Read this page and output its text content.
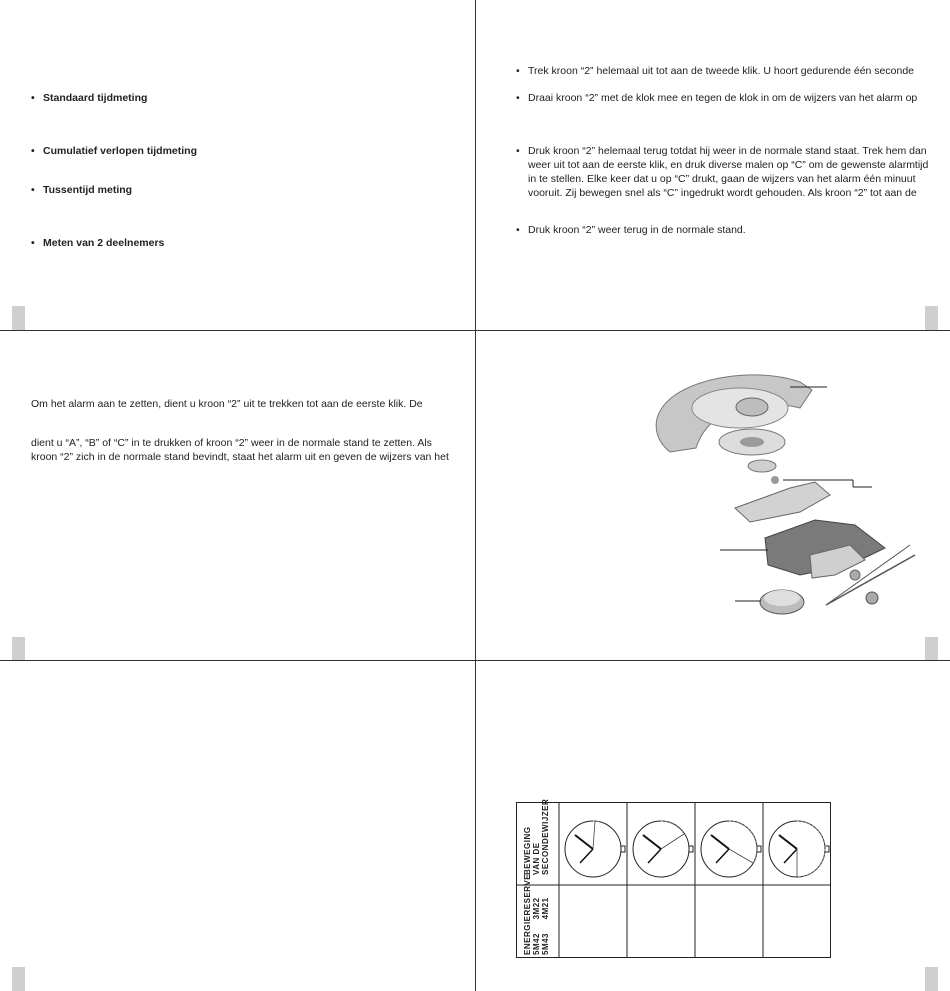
• Standaard tijdmeting
• Cumulatief verlopen tijdmeting
• Tussentijd meting
• Meten van 2 deelnemers
• Trek kroon “2” helemaal uit tot aan de tweede klik. U hoort gedurende één seconde
• Draai kroon “2” met de klok mee en tegen de klok in om de wijzers van het alarm op
• Druk kroon “2” helemaal terug totdat hij weer in de normale stand staat. Trek hem dan
weer uit tot aan de eerste klik, en druk diverse malen op “C” om de gewenste alarmtijd
in te stellen. Elke keer dat u op “C” drukt, gaan de wijzers van het alarm één minuut
vooruit. Zij bewegen snel als “C” ingedrukt wordt gehouden. Als kroon “2” tot aan de
• Druk kroon “2” weer terug in de normale stand.
Om het alarm aan te zetten, dient u kroon “2” uit te trekken tot aan de eerste klik. De
dient u “A”, “B” of “C” in te drukken of kroon “2” weer in de normale stand te zetten. Als
kroon “2” zich in de normale stand bevindt, staat het alarm uit en geven de wijzers van het
BEWEGING
VAN DE
SECONDEWIJZER
ENERGIERESERVE
5M42     3M22
5M43     4M21
